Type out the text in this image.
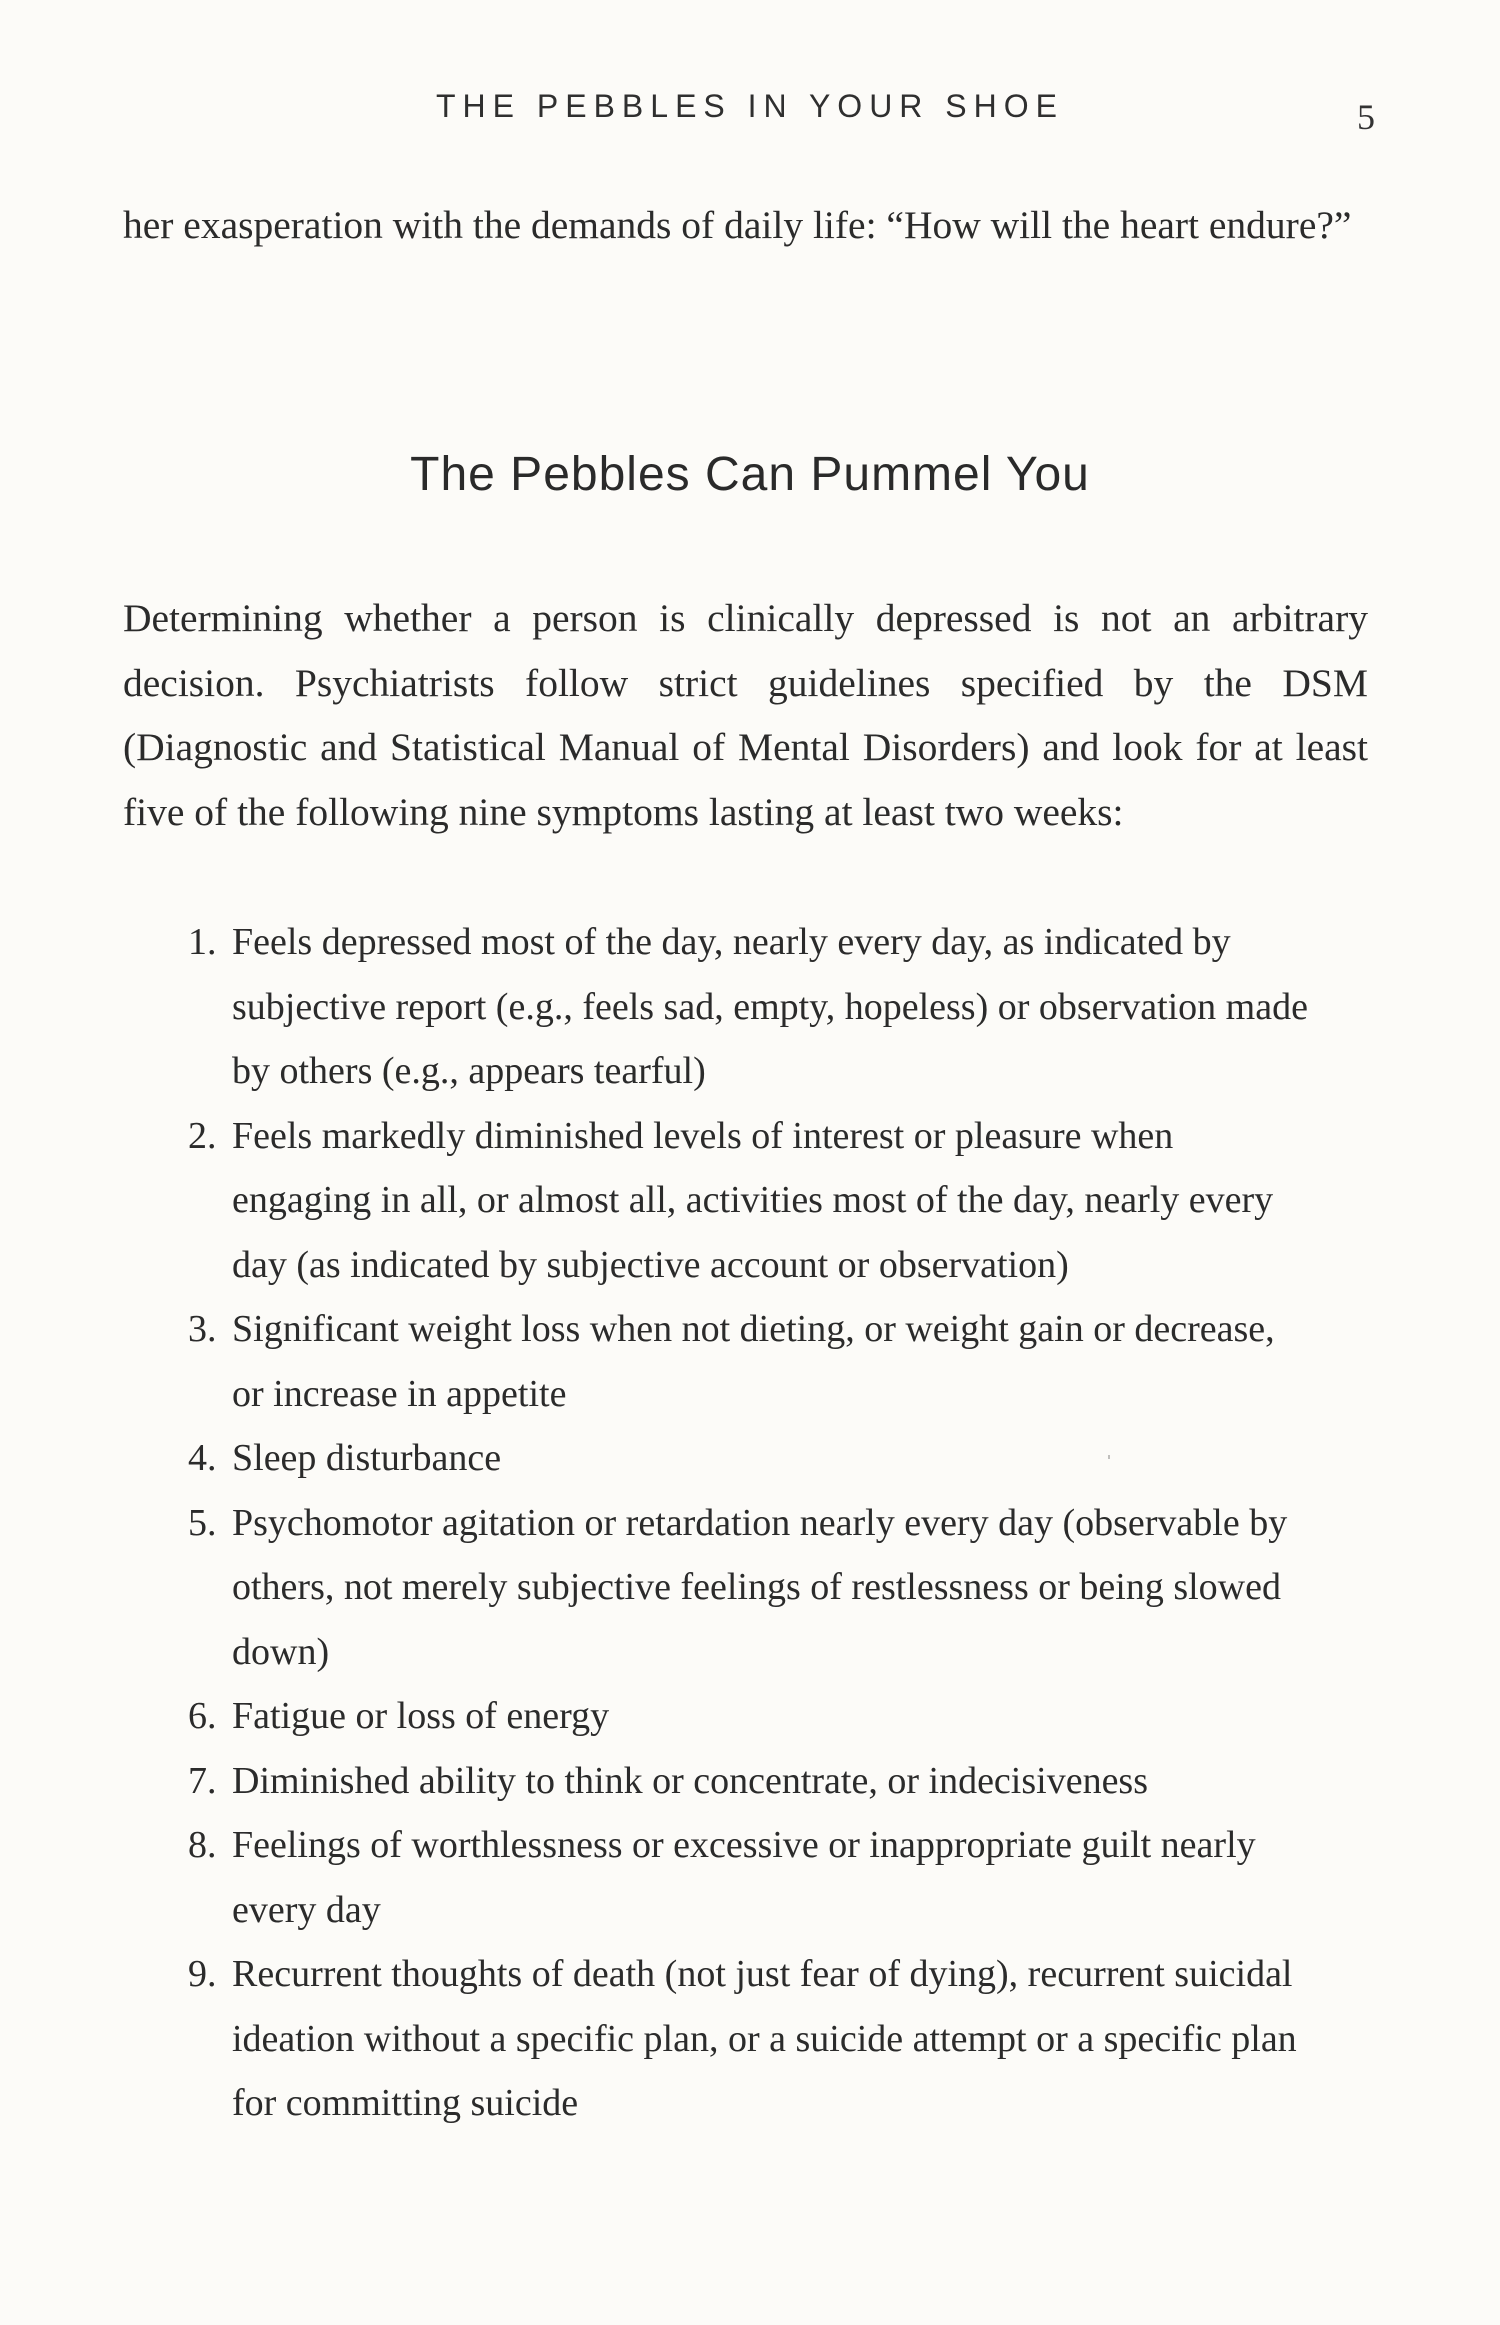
THE PEBBLES IN YOUR SHOE	5

her exasperation with the demands of daily life: “How will the heart endure?”

The Pebbles Can Pummel You

Determining whether a person is clinically depressed is not an arbitrary decision. Psychiatrists follow strict guidelines specified by the DSM (Diagnostic and Statistical Manual of Mental Disorders) and look for at least five of the following nine symptoms lasting at least two weeks:

1. Feels depressed most of the day, nearly every day, as indicated by subjective report (e.g., feels sad, empty, hopeless) or observation made by others (e.g., appears tearful)
2. Feels markedly diminished levels of interest or pleasure when engaging in all, or almost all, activities most of the day, nearly every day (as indicated by subjective account or observation)
3. Significant weight loss when not dieting, or weight gain or decrease, or increase in appetite
4. Sleep disturbance
5. Psychomotor agitation or retardation nearly every day (observable by others, not merely subjective feelings of restlessness or being slowed down)
6. Fatigue or loss of energy
7. Diminished ability to think or concentrate, or indecisiveness
8. Feelings of worthlessness or excessive or inappropriate guilt nearly every day
9. Recurrent thoughts of death (not just fear of dying), recurrent suicidal ideation without a specific plan, or a suicide attempt or a specific plan for committing suicide
